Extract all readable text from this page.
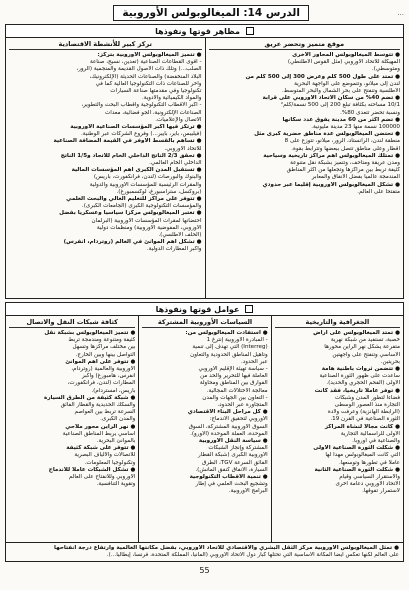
...
الدرس 14: الميغالوبولس الأوروبية
مظاهر قوتها ونفوذها
موقع متميز وتحضر عريق
● تتوسط الميغالوبولس المحاور الأخرى
المهيكلة للاتحاد الأوروبي (مثل القوس الأطلنطي)
ومتوسطي).
● تمتد على طول 500 كلم وعرض 300 إلى 500 كلم من
لندن إلى ميلانو، وتتموضع على الواجهة البحرية
الأطلسية وتنفتح على بحر الشمال والبحر المتوسط.
● تضم 40% من سكان الاتحاد الأوروبي على قرابة
10/1 مساحته بكثافة تبلغ 200 إلى 500 نسمة/كلم²
ونسبة تحضر تتعدى 80%.
● تضم أكثر من 60 مدينة يفوق عدد سكانها
100000 نسمة منها 23 مدينة مليونية.
● تحتضن الميغالوبولس عدة مناطق حضرية كبرى مثل
منطقة لندن، الرانستاد، الرور، ميلانو، تتوزع على 8
أقطار وعلى مناطق تتصل ببعضها وتترابط بقوة.
● تمتلك الميغالوبولس أهم مراكز تاريخية وسياحية
ومدن عريقة ومتاحف، وتتميز بشبكة نقل متنوعة
كثيفة تربط بين مراكزها وتجعلها من أكثر المناطق
المندمجة عالميا بفضل الأنفاق والمعابر
● تشكل الميغالوبولس الأوروبية إقليما عبر حدودي
متفتحا على العالم.
تركز كبير للأنشطة الاقتصادية
● تتميز الميغالوبولس الأوروبية بتركز:
- أقوى القطاعات الصناعية (تعدين، نسيج، صناعة
الصلب...) وتلك ذات الأصول القديمة والمنجمية (الرور،
البلاد المنخفضة) والصناعات الحديثة (الإلكترونيك،
وآخر للصناعات ذات التكنولوجيا العالية كما في
تكنولوجيا وفي مقدمتها صناعة السيارات
والمواد الكيميائية والأدوية.
- أكبر الأقطاب التكنولوجية وأقطاب البحث والتطوير،
الصناعات الإلكترونية، الجو فضائية، معدات
الاتصال والإعلاميات.
● ترتكز فيها أكبر المؤسسات الصناعية الأوروبية
(فيليبس، باير، بايير...) وفروع الشركات عبر الوطنية.
● تساهم بالقسط الأوفر في القيمة المضافة الصناعية
للاتحاد الأوروبي.
● تحقق 2/3 الناتج الداخلي الخام للاتحاد و1/5 الناتج
الداخلي الخام العالمي.
● تستقبل المدن الكبرى أهم المؤسسات المالية
والبنوك والبورصات (لندن، فرانكفورت، باريس)
والمقرات الرئيسية للمؤسسات الأوروبية والدولية
(بروكسل، ستراسبورغ، لوكسمبورغ).
● تتوفر على مراكز للتعليم العالي والبحث العلمي
والمؤسسات التكنولوجية الكبرى (الجامعات الكبرى).
● تعتبر الميغالوبولس مركزا سياسيا وعسكريا بفضل
احتضانها لمقرات المؤسسات الأوروبية (البرلمان
الأوروبي، المفوضية الأوروبية) ومنظمات دولية
(الحلف الأطلسي).
● تشكل أهم الموانئ في العالم (روتردام، أنفرس)
وأكبر المطارات الدولية.
عوامل قوتها ونفوذها
الجغرافية والتاريخية
● تمتد الميغالوبولس على أراض
خصبة، تستفيد من شبكة نهرية
متفرعة يشكل نهر الراين محورها
الأساسي وتنفتح على واجهتين
بحريتين.
● تتضمن ثروات باطنية هامة
ساعدت على ظهور الثورة الصناعية
الأولى (الفحم الحجري والحديد).
● توفر عاملا تاريخيا، فقد كانت
فضاءا لتطور المدن وشبكات
التجارة منذ العصور الوسطى
(الرابطة الهانزية) وعرفت ولادة
الثورة الصناعية في القرن 19.
● كانت مجالا لنشأة المراكز
الأولى للرأسمالية التجارية
والصناعية في أوروبا.
● شكلت الثورة الصناعية الأولى
التي كانت الميغالوبولس مهدا لها
عاملا في تطورها وتوسعها.
● شكلت الثورة الصناعية الثانية
والاستقرار السياسي وقيام
الاتحاد الأوروبي دعامة أخرى
لاستمرار تفوقها.
السياسات الأوروبية المشتركة
● استفادت الميغالوبولس من:
- المبادرة الأوروبية إنترغ 1
(Interreg) التي تهدف إلى تنمية
وتأهيل المناطق الحدودية والتعاون
عبر الحدود.
- سياسة تهيئة الإقليم الأوروبي
العاملة فيها للتحرير والحد من
الفوارق بين المناطق ومحاولة
معالجة الاختلالات المجالية.
- التعاون بين الجهات والمدن
المتجاورة عبر الحدود.
● كل مراحل البناء الاقتصادي
الأوروبي لتحقيق الاندماج:
السوق الأوروبية المشتركة، السوق
الموحدة، العملة الموحدة (الأورو).
● سياسة النقل الأوروبية
المشتركة وإنجاز الشبكات
الأوروبية الكبرى (شبكة القطار
الفائق السرعة TGV، الطرق
السيارة، الأنفاق كنفق المانش).
● تنمية الأقطاب التكنولوجية
وتشجيع البحث العلمي في إطار
البرامج الأوروبية.
كثافة شبكات النقل والاتصال
● تتميز الميغالوبولس بشبكة نقل
كثيفة ومتنوعة ومندمجة تربط
بين مختلف مراكزها وتسهل
التواصل بينها وبين الخارج.
● تتوفر على أهم الموانئ
الأوروبية والعالمية (روتردام،
أنفرس، هامبورغ) وأكبر
المطارات (لندن، فرانكفورت،
باريس، أمستردام).
● شبكة كثيفة من الطرق السيارة
والسكك الحديدية والقطار الفائق
السرعة تربط بين العواصم
والمدن الكبرى.
● نهر الراين محور ملاحي
أساسي يربط المناطق الصناعية
بالموانئ البحرية.
● تتوفر على شبكة كثيفة
للاتصالات والألياف البصرية
وتكنولوجيا المعلومات.
● تشكل الشبكات عاملا للاندماج
الأوروبي وللانفتاح على العالم
وتقوية التنافسية.
● تمثل الميغالوبولس الأوروبية مركز الثقل البشري والاقتصادي للاتحاد الأوروبي، بفضل مكانتها العالمية وارتفاع درجة انفتاحها
على العالم لكنها تعكس أيضا المكانة الأساسية التي تحتلها كبار دول الاتحاد الأوروبي (ألمانيا، المملكة المتحدة، فرنسا، إيطاليا...).
55
